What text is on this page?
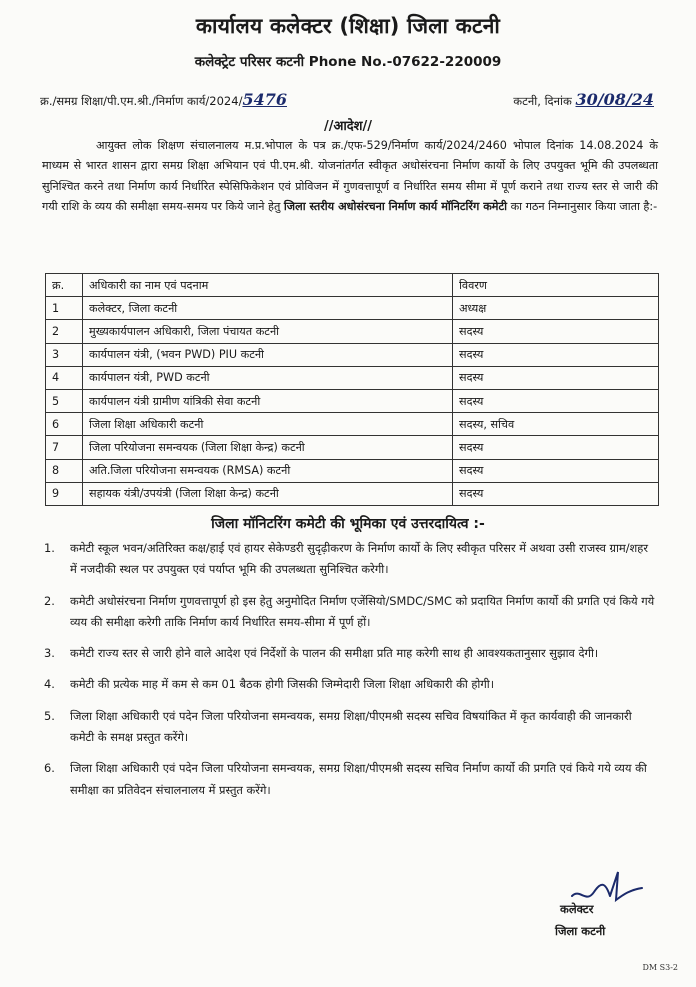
कार्यालय कलेक्टर (शिक्षा) जिला कटनी
कलेक्ट्रेट परिसर कटनी Phone No.-07622-220009
क्र./समग्र शिक्षा/पी.एम.श्री./निर्माण कार्य/2024/5476	कटनी, दिनांक 30/08/24
//आदेश//
आयुक्त लोक शिक्षण संचालनालय म.प्र.भोपाल के पत्र क्र./एफ-529/निर्माण कार्य/2024/2460 भोपाल दिनांक 14.08.2024 के माध्यम से भारत शासन द्वारा समग्र शिक्षा अभियान एवं पी.एम.श्री. योजनांतर्गत स्वीकृत अधोसंरचना निर्माण कार्यो के लिए उपयुक्त भूमि की उपलब्धता सुनिश्चित करने तथा निर्माण कार्य निर्धारित स्पेसिफिकेशन एवं प्रोविजन में गुणवत्तापूर्ण व निर्धारित समय सीमा में पूर्ण कराने तथा राज्य स्तर से जारी की गयी राशि के व्यय की समीक्षा समय-समय पर किये जाने हेतु जिला स्तरीय अधोसंरचना निर्माण कार्य मॉनिटरिंग कमेटी का गठन निम्नानुसार किया जाता है:-
क्र.	अधिकारी का नाम एवं पदनाम	विवरण
1	कलेक्टर, जिला कटनी	अध्यक्ष
2	मुख्यकार्यपालन अधिकारी, जिला पंचायत कटनी	सदस्य
3	कार्यपालन यंत्री, (भवन PWD) PIU कटनी	सदस्य
4	कार्यपालन यंत्री, PWD कटनी	सदस्य
5	कार्यपालन यंत्री ग्रामीण यांत्रिकी सेवा कटनी	सदस्य
6	जिला शिक्षा अधिकारी कटनी	सदस्य, सचिव
7	जिला परियोजना समन्वयक (जिला शिक्षा केन्द्र) कटनी	सदस्य
8	अति.जिला परियोजना समन्वयक (RMSA) कटनी	सदस्य
9	सहायक यंत्री/उपयंत्री (जिला शिक्षा केन्द्र) कटनी	सदस्य
जिला मॉनिटरिंग कमेटी की भूमिका एवं उत्तरदायित्व :-
1. कमेटी स्कूल भवन/अतिरिक्त कक्ष/हाई एवं हायर सेकेण्डरी सुदृढ़ीकरण के निर्माण कार्यो के लिए स्वीकृत परिसर में अथवा उसी राजस्व ग्राम/शहर में नजदीकी स्थल पर उपयुक्त एवं पर्याप्त भूमि की उपलब्धता सुनिश्चित करेगी।
2. कमेटी अधोसंरचना निर्माण गुणवत्तापूर्ण हो इस हेतु अनुमोदित निर्माण एजेंसियो/SMDC/SMC को प्रदायित निर्माण कार्यो की प्रगति एवं किये गये व्यय की समीक्षा करेगी ताकि निर्माण कार्य निर्धारित समय-सीमा में पूर्ण हों।
3. कमेटी राज्य स्तर से जारी होने वाले आदेश एवं निर्देशों के पालन की समीक्षा प्रति माह करेगी साथ ही आवश्यकतानुसार सुझाव देगी।
4. कमेटी की प्रत्येक माह में कम से कम 01 बैठक होगी जिसकी जिम्मेदारी जिला शिक्षा अधिकारी की होगी।
5. जिला शिक्षा अधिकारी एवं पदेन जिला परियोजना समन्वयक, समग्र शिक्षा/पीएमश्री सदस्य सचिव विषयांकित में कृत कार्यवाही की जानकारी कमेटी के समक्ष प्रस्तुत करेंगे।
6. जिला शिक्षा अधिकारी एवं पदेन जिला परियोजना समन्वयक, समग्र शिक्षा/पीएमश्री सदस्य सचिव निर्माण कार्यो की प्रगति एवं किये गये व्यय की समीक्षा का प्रतिवेदन संचालनालय में प्रस्तुत करेंगे।
कलेक्टर
जिला कटनी
DM S3-2
